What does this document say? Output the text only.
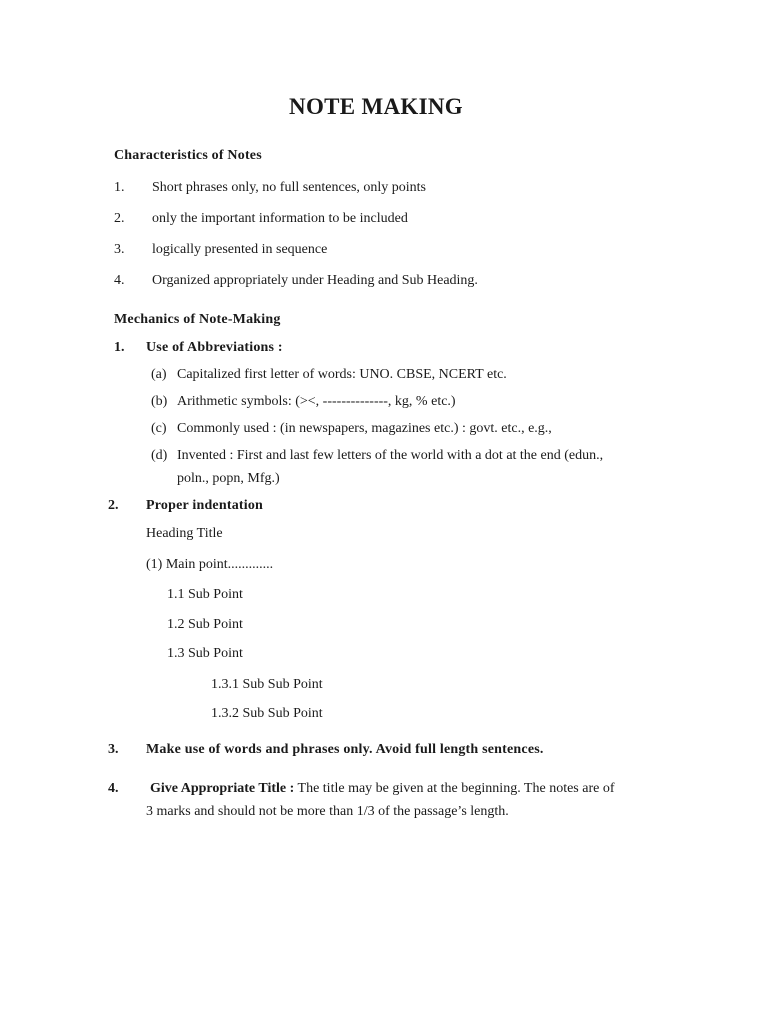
NOTE MAKING
Characteristics of Notes
1. Short phrases only, no full sentences, only points
2. only the important information to be included
3. logically presented in sequence
4. Organized appropriately under Heading and Sub Heading.
Mechanics of Note-Making
1. Use of Abbreviations :
(a) Capitalized first letter of words: UNO. CBSE, NCERT etc.
(b) Arithmetic symbols: (><, --------------, kg, % etc.)
(c) Commonly used : (in newspapers, magazines etc.) : govt. etc., e.g.,
(d) Invented : First and last few letters of the world with a dot at the end (edun.,
poln., popn, Mfg.)
2. Proper indentation
Heading Title
(1) Main point.............
1.1 Sub Point
1.2 Sub Point
1.3 Sub Point
1.3.1 Sub Sub Point
1.3.2 Sub Sub Point
3. Make use of words and phrases only. Avoid full length sentences.
4. Give Appropriate Title : The title may be given at the beginning. The notes are of
3 marks and should not be more than 1/3 of the passage’s length.
